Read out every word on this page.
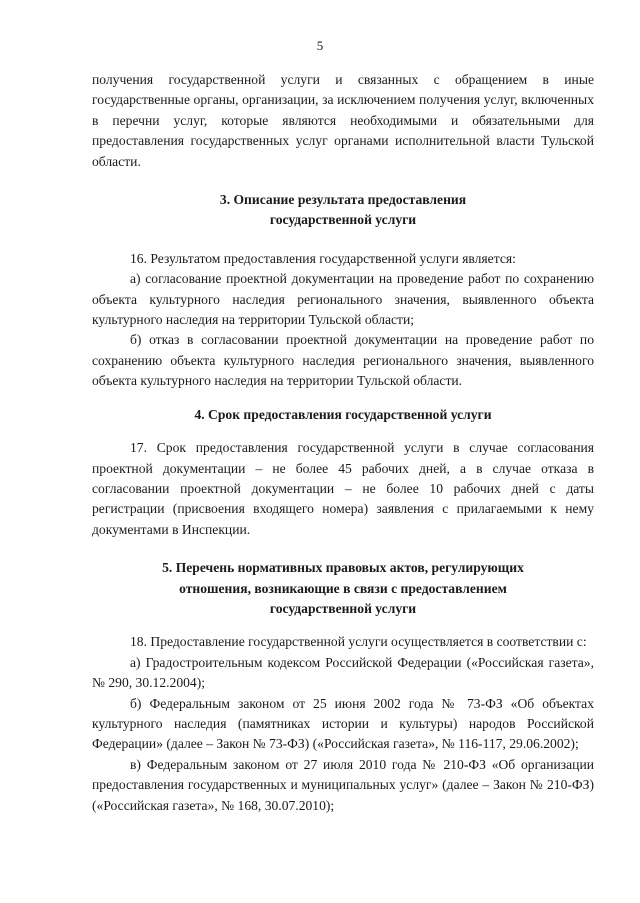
5

получения государственной услуги и связанных с обращением в иные государственные органы, организации, за исключением получения услуг, включенных в перечни услуг, которые являются необходимыми и обязательными для предоставления государственных услуг органами исполнительной власти Тульской области.

3. Описание результата предоставления
государственной услуги

16. Результатом предоставления государственной услуги является:

а) согласование проектной документации на проведение работ по сохранению объекта культурного наследия регионального значения, выявленного объекта культурного наследия на территории Тульской области;

б) отказ в согласовании проектной документации на проведение работ по сохранению объекта культурного наследия регионального значения, выявленного объекта культурного наследия на территории Тульской области.

4. Срок предоставления государственной услуги

17. Срок предоставления государственной услуги в случае согласования проектной документации – не более 45 рабочих дней, а в случае отказа в согласовании проектной документации – не более 10 рабочих дней с даты регистрации (присвоения входящего номера) заявления с прилагаемыми к нему документами в Инспекции.

5. Перечень нормативных правовых актов, регулирующих
отношения, возникающие в связи с предоставлением
государственной услуги

18. Предоставление государственной услуги осуществляется в соответствии с:

а) Градостроительным кодексом Российской Федерации («Российская газета», № 290, 30.12.2004);

б) Федеральным законом от 25 июня 2002 года № 73-ФЗ «Об объектах культурного наследия (памятниках истории и культуры) народов Российской Федерации» (далее – Закон № 73-ФЗ) («Российская газета», № 116-117, 29.06.2002);

в) Федеральным законом от 27 июля 2010 года № 210-ФЗ «Об организации предоставления государственных и муниципальных услуг» (далее – Закон № 210-ФЗ) («Российская газета», № 168, 30.07.2010);
